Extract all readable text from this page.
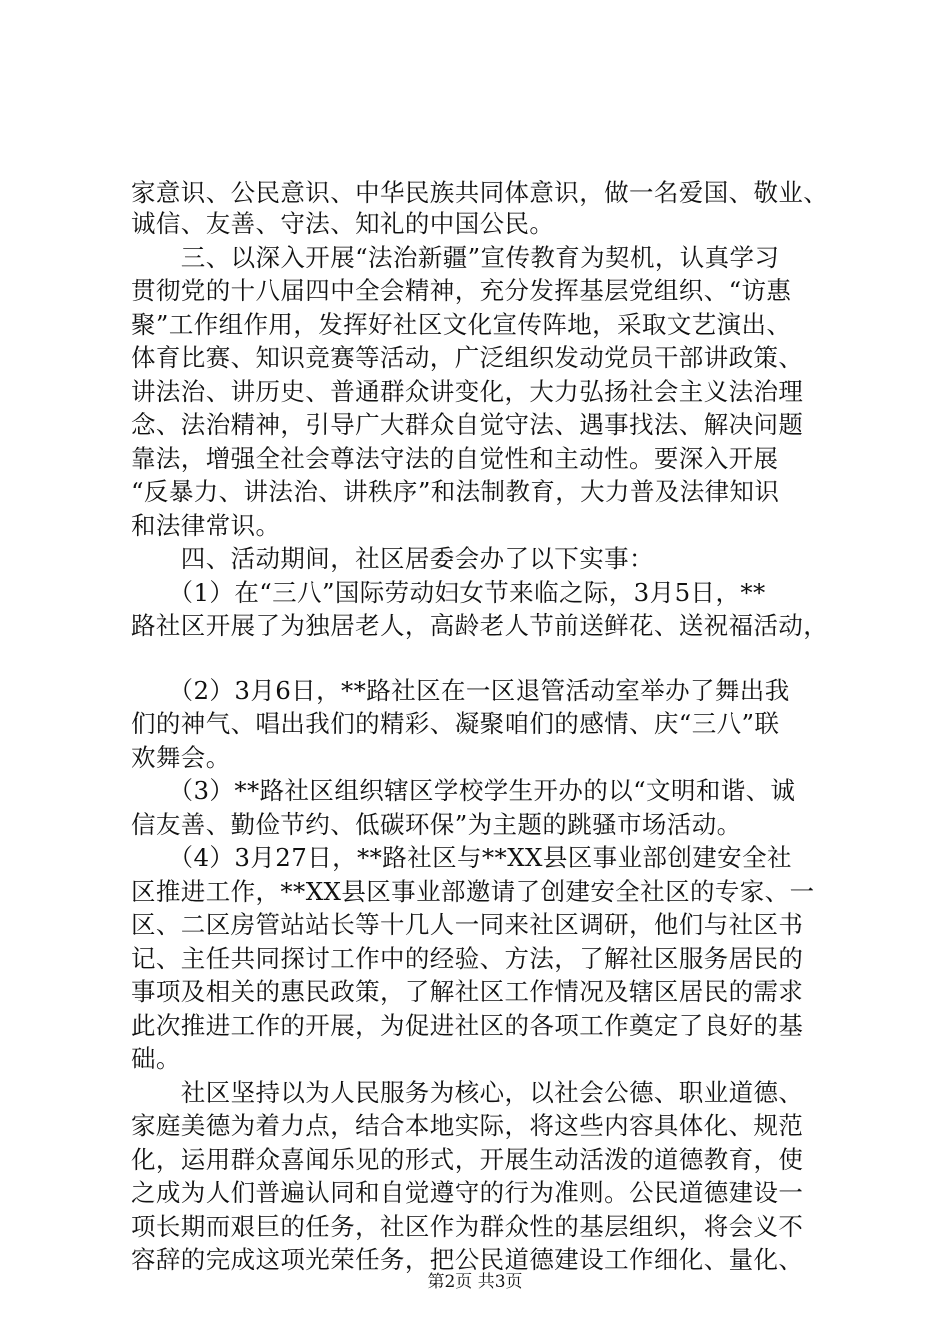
家意识、公民意识、中华民族共同体意识，做一名爱国、敬业、
诚信、友善、守法、知礼的中国公民。
　　三、以深入开展“法治新疆”宣传教育为契机，认真学习
贯彻党的十八届四中全会精神，充分发挥基层党组织、“访惠
聚”工作组作用，发挥好社区文化宣传阵地，采取文艺演出、
体育比赛、知识竞赛等活动，广泛组织发动党员干部讲政策、
讲法治、讲历史、普通群众讲变化，大力弘扬社会主义法治理
念、法治精神，引导广大群众自觉守法、遇事找法、解决问题
靠法，增强全社会尊法守法的自觉性和主动性。要深入开展
“反暴力、讲法治、讲秩序”和法制教育，大力普及法律知识
和法律常识。
　　四、活动期间，社区居委会办了以下实事：
　　（1）在“三八”国际劳动妇女节来临之际，3月5日，**
路社区开展了为独居老人，高龄老人节前送鲜花、送祝福活动，
　　（2）3月6日，**路社区在一区退管活动室举办了舞出我
们的神气、唱出我们的精彩、凝聚咱们的感情、庆“三八”联
欢舞会。
　　（3）**路社区组织辖区学校学生开办的以“文明和谐、诚
信友善、勤俭节约、低碳环保”为主题的跳骚市场活动。
　　（4）3月27日，**路社区与**XX县区事业部创建安全社
区推进工作，**XX县区事业部邀请了创建安全社区的专家、一
区、二区房管站站长等十几人一同来社区调研，他们与社区书
记、主任共同探讨工作中的经验、方法，了解社区服务居民的
事项及相关的惠民政策，了解社区工作情况及辖区居民的需求
此次推进工作的开展，为促进社区的各项工作奠定了良好的基
础。
　　社区坚持以为人民服务为核心，以社会公德、职业道德、
家庭美德为着力点，结合本地实际，将这些内容具体化、规范
化，运用群众喜闻乐见的形式，开展生动活泼的道德教育，使
之成为人们普遍认同和自觉遵守的行为准则。公民道德建设一
项长期而艰巨的任务，社区作为群众性的基层组织，将会义不
容辞的完成这项光荣任务，把公民道德建设工作细化、量化、
第2页 共3页
